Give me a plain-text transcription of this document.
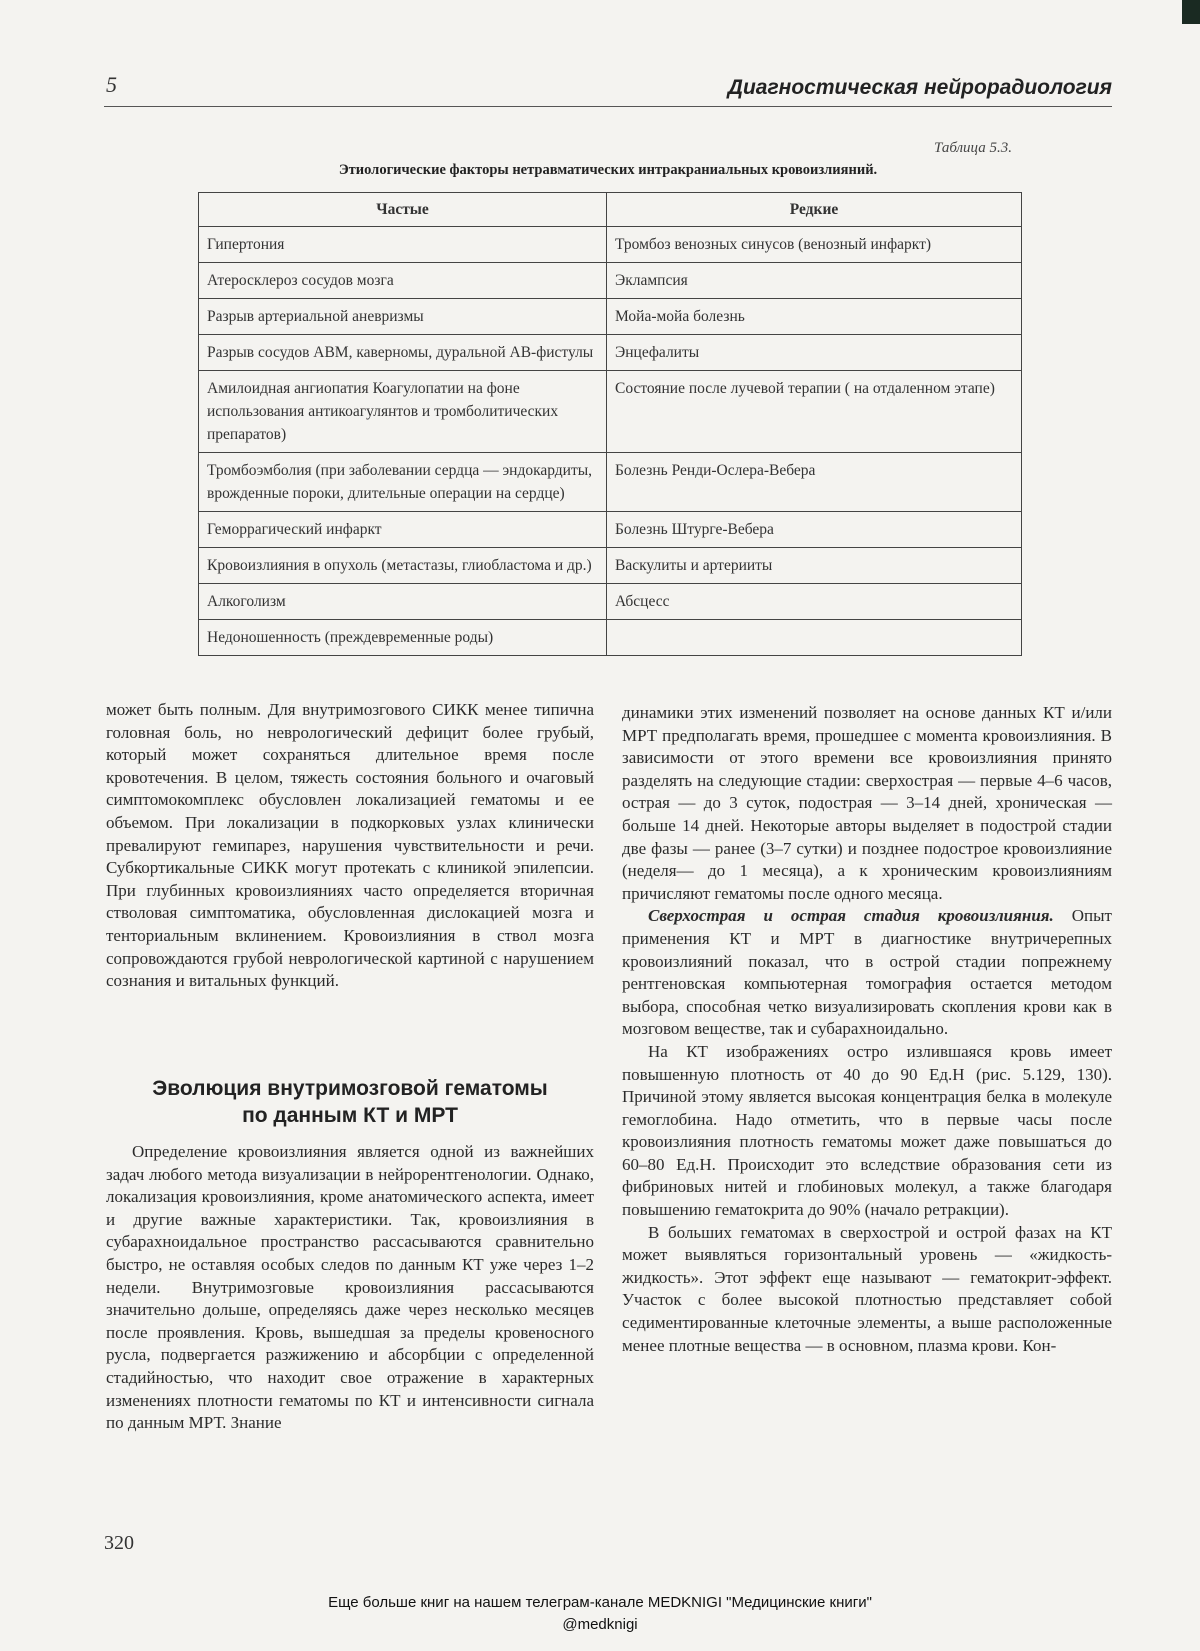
5	Диагностическая нейрорадиология
Таблица 5.3.
Этиологические факторы нетравматических интракраниальных кровоизлияний.
Частые	Редкие
Гипертония	Тромбоз венозных синусов (венозный инфаркт)
Атеросклероз сосудов мозга	Эклампсия
Разрыв артериальной аневризмы	Мойа-мойа болезнь
Разрыв сосудов АВМ, каверномы, дуральной АВ-фистулы	Энцефалиты
Амилоидная ангиопатия Коагулопатии на фоне использования антикоагулянтов и тромболитических препаратов)	Состояние после лучевой терапии ( на отдаленном этапе)
Тромбоэмболия (при заболевании сердца — эндокардиты, врожденные пороки, длительные операции на сердце)	Болезнь Ренди-Ослера-Вебера
Геморрагический инфаркт	Болезнь Штурге-Вебера
Кровоизлияния в опухоль (метастазы, глиобластома и др.)	Васкулиты и артерииты
Алкоголизм	Абсцесс
Недоношенность (преждевременные роды)	

может быть полным. Для внутримозгового СИКК менее типична головная боль, но неврологический дефицит более грубый, который может сохраняться длительное время после кровотечения. В целом, тяжесть состояния больного и очаговый симптомокомплекс обусловлен локализацией гематомы и ее объемом. При локализации в подкорковых узлах клинически превалируют гемипарез, нарушения чувствительности и речи. Субкортикальные СИКК могут протекать с клиникой эпилепсии. При глубинных кровоизлияниях часто определяется вторичная стволовая симптоматика, обусловленная дислокацией мозга и тенториальным вклинением. Кровоизлияния в ствол мозга сопровождаются грубой неврологической картиной с нарушением сознания и витальных функций.

Эволюция внутримозговой гематомы
по данным КТ и МРТ

Определение кровоизлияния является одной из важнейших задач любого метода визуализации в нейрорентгенологии. Однако, локализация кровоизлияния, кроме анатомического аспекта, имеет и другие важные характеристики. Так, кровоизлияния в субарахноидальное пространство рассасываются сравнительно быстро, не оставляя особых следов по данным КТ уже через 1–2 недели. Внутримозговые кровоизлияния рассасываются значительно дольше, определяясь даже через несколько месяцев после проявления. Кровь, вышедшая за пределы кровеносного русла, подвергается разжижению и абсорбции с определенной стадийностью, что находит свое отражение в характерных изменениях плотности гематомы по КТ и интенсивности сигнала по данным МРТ. Знание

динамики этих изменений позволяет на основе данных КТ и/или МРТ предполагать время, прошедшее с момента кровоизлияния. В зависимости от этого времени все кровоизлияния принято разделять на следующие стадии: сверхострая — первые 4–6 часов, острая — до 3 суток, подострая — 3–14 дней, хроническая — больше 14 дней. Некоторые авторы выделяет в подострой стадии две фазы — ранее (3–7 сутки) и позднее подострое кровоизлияние (неделя— до 1 месяца), а к хроническим кровоизлияниям причисляют гематомы после одного месяца.

Сверхострая и острая стадия кровоизлияния. Опыт применения КТ и МРТ в диагностике внутричерепных кровоизлияний показал, что в острой стадии попрежнему рентгеновская компьютерная томография остается методом выбора, способная четко визуализировать скопления крови как в мозговом веществе, так и субарахноидально.

На КТ изображениях остро излившаяся кровь имеет повышенную плотность от 40 до 90 Ед.Н (рис. 5.129, 130). Причиной этому является высокая концентрация белка в молекуле гемоглобина. Надо отметить, что в первые часы после кровоизлияния плотность гематомы может даже повышаться до 60–80 Ед.Н. Происходит это вследствие образования сети из фибриновых нитей и глобиновых молекул, а также благодаря повышению гематокрита до 90% (начало ретракции).

В больших гематомах в сверхострой и острой фазах на КТ может выявляться горизонтальный уровень — «жидкость-жидкость». Этот эффект еще называют — гематокрит-эффект. Участок с более высокой плотностью представляет собой седиментированные клеточные элементы, а выше расположенные менее плотные вещества — в основном, плазма крови. Кон-

320
Еще больше книг на нашем телеграм-канале MEDKNIGI "Медицинские книги"
@medknigi
